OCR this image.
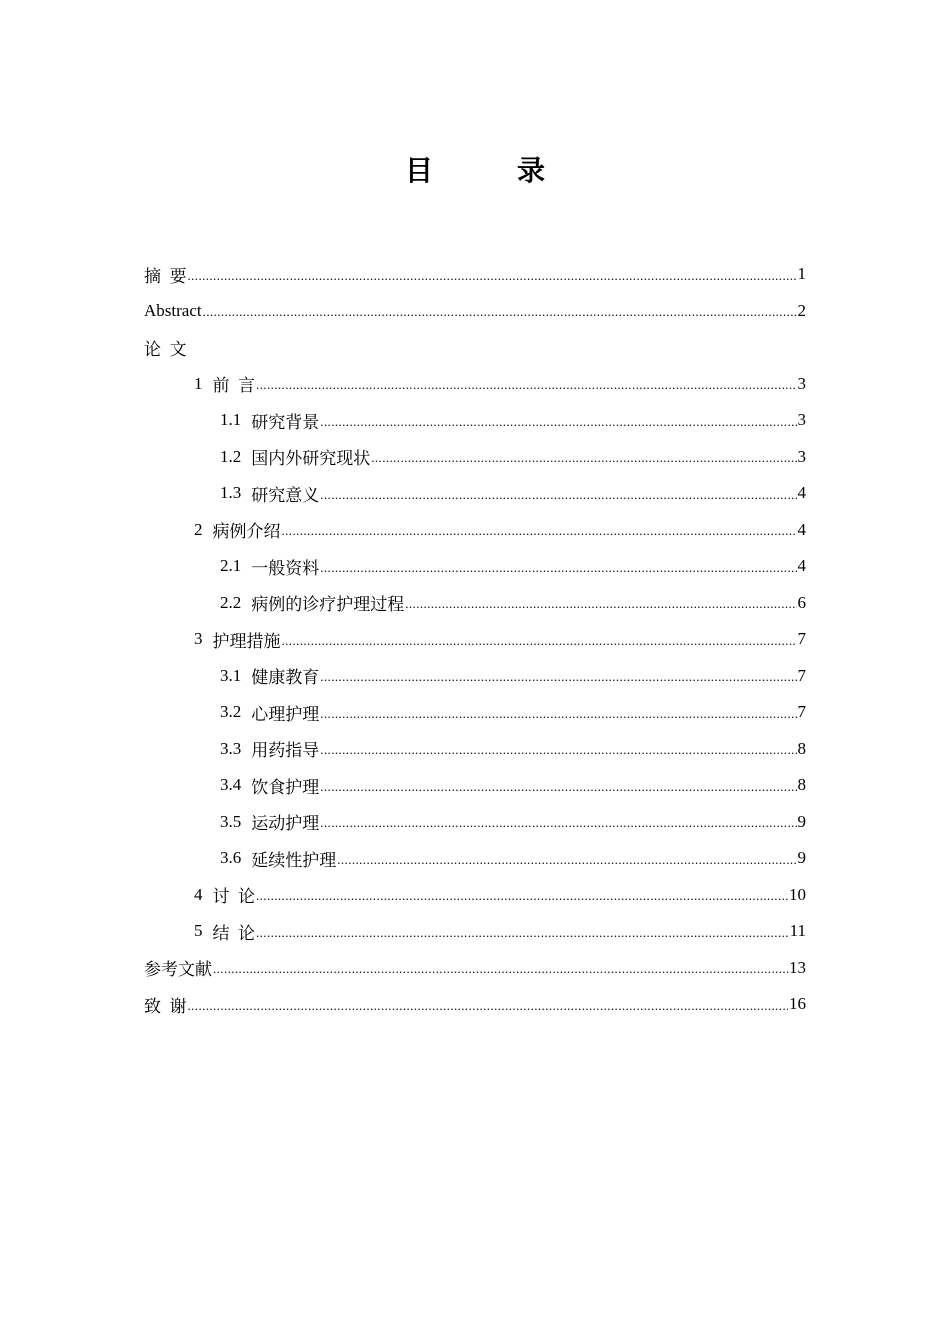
目　录
摘  要 .....	1
Abstract .....	2
论  文
1 前  言 .....	3
1.1 研究背景 .....	3
1.2 国内外研究现状 .....	3
1.3 研究意义 .....	4
2 病例介绍 .....	4
2.1 一般资料 .....	4
2.2 病例的诊疗护理过程 .....	6
3 护理措施 .....	7
3.1 健康教育 .....	7
3.2 心理护理 .....	7
3.3 用药指导 .....	8
3.4 饮食护理 .....	8
3.5 运动护理 .....	9
3.6 延续性护理 .....	9
4 讨  论 .....	10
5 结  论 .....	11
参考文献 .....	13
致  谢 .....	16
